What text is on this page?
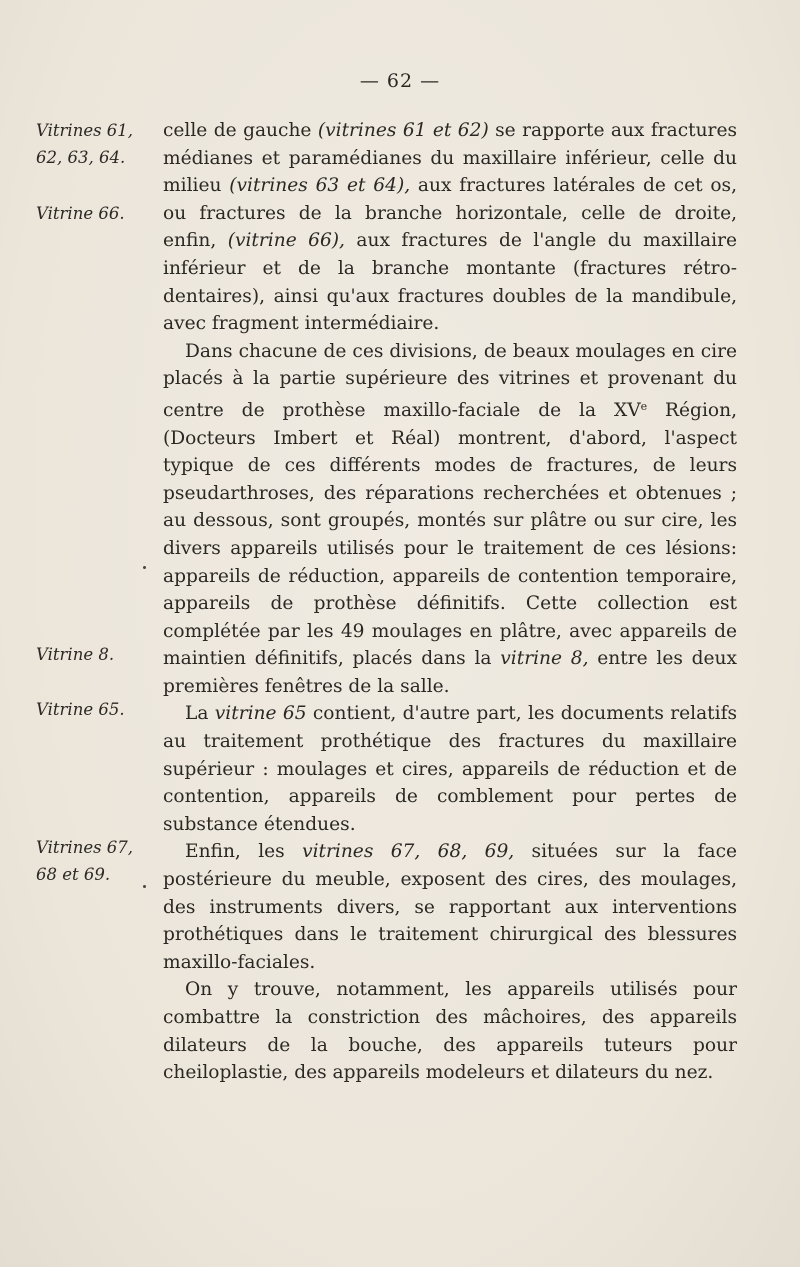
— 62 —
Vitrines 61,
62, 63, 64.
Vitrine 66.
Vitrine 8.
Vitrine 65.
Vitrines 67,
68 et 69.

celle de gauche (vitrines 61 et 62) se rapporte aux fractures médianes et paramédianes du maxillaire inférieur, celle du milieu (vitrines 63 et 64), aux fractures latérales de cet os, ou fractures de la branche horizontale, celle de droite, enfin, (vitrine 66), aux fractures de l'angle du maxillaire inférieur et de la branche montante (fractures rétro-dentaires), ainsi qu'aux fractures doubles de la mandibule, avec fragment intermédiaire.

Dans chacune de ces divisions, de beaux moulages en cire placés à la partie supérieure des vitrines et provenant du centre de prothèse maxillo-faciale de la XVe Région, (Docteurs Imbert et Réal) montrent, d'abord, l'aspect typique de ces différents modes de fractures, de leurs pseudarthroses, des réparations recherchées et obtenues ; au dessous, sont groupés, montés sur plâtre ou sur cire, les divers appareils utilisés pour le traitement de ces lésions: appareils de réduction, appareils de contention temporaire, appareils de prothèse définitifs. Cette collection est complétée par les 49 moulages en plâtre, avec appareils de maintien définitifs, placés dans la vitrine 8, entre les deux premières fenêtres de la salle.

La vitrine 65 contient, d'autre part, les documents relatifs au traitement prothétique des fractures du maxillaire supérieur : moulages et cires, appareils de réduction et de contention, appareils de comblement pour pertes de substance étendues.

Enfin, les vitrines 67, 68, 69, situées sur la face postérieure du meuble, exposent des cires, des moulages, des instruments divers, se rapportant aux interventions prothétiques dans le traitement chirurgical des blessures maxillo-faciales.

On y trouve, notamment, les appareils utilisés pour combattre la constriction des mâchoires, des appareils dilateurs de la bouche, des appareils tuteurs pour cheiloplastie, des appareils modeleurs et dilateurs du nez.
